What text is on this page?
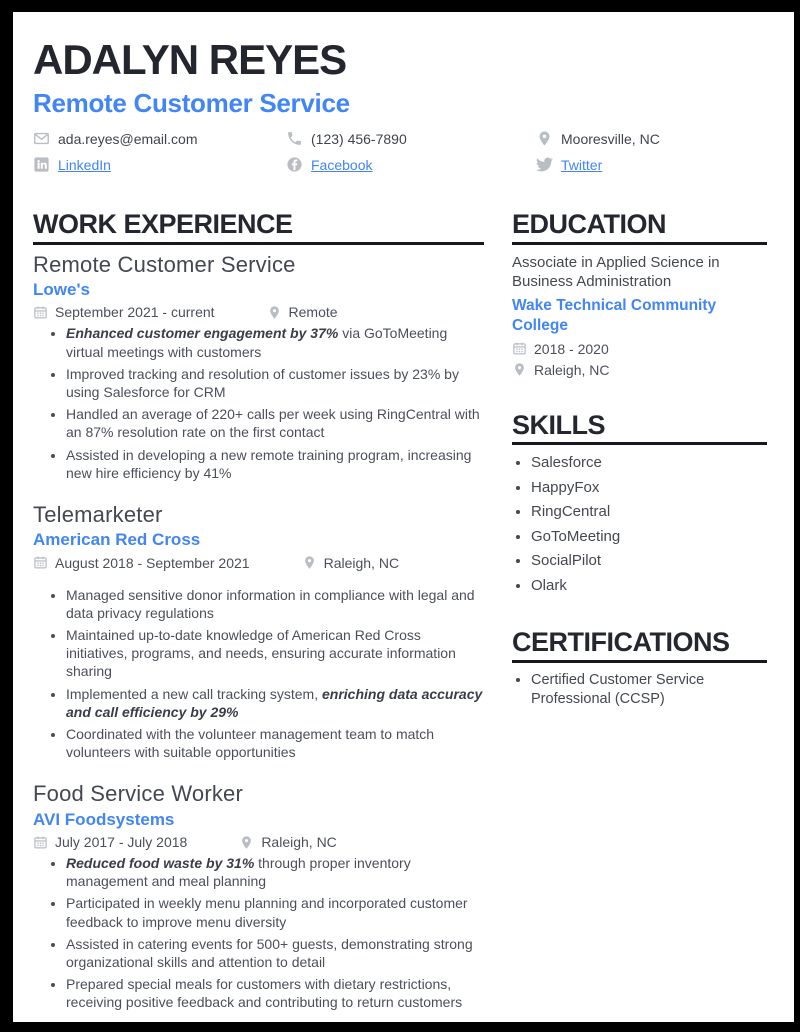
ADALYN REYES
Remote Customer Service
ada.reyes@email.com	(123) 456-7890	Mooresville, NC
LinkedIn	Facebook	Twitter
WORK EXPERIENCE
Remote Customer Service
Lowe's
September 2021 - current	Remote
• Enhanced customer engagement by 37% via GoToMeeting virtual meetings with customers
• Improved tracking and resolution of customer issues by 23% by using Salesforce for CRM
• Handled an average of 220+ calls per week using RingCentral with an 87% resolution rate on the first contact
• Assisted in developing a new remote training program, increasing new hire efficiency by 41%
Telemarketer
American Red Cross
August 2018 - September 2021	Raleigh, NC
• Managed sensitive donor information in compliance with legal and data privacy regulations
• Maintained up-to-date knowledge of American Red Cross initiatives, programs, and needs, ensuring accurate information sharing
• Implemented a new call tracking system, enriching data accuracy and call efficiency by 29%
• Coordinated with the volunteer management team to match volunteers with suitable opportunities
Food Service Worker
AVI Foodsystems
July 2017 - July 2018	Raleigh, NC
• Reduced food waste by 31% through proper inventory management and meal planning
• Participated in weekly menu planning and incorporated customer feedback to improve menu diversity
• Assisted in catering events for 500+ guests, demonstrating strong organizational skills and attention to detail
• Prepared special meals for customers with dietary restrictions, receiving positive feedback and contributing to return customers
EDUCATION
Associate in Applied Science in Business Administration
Wake Technical Community College
2018 - 2020
Raleigh, NC
SKILLS
• Salesforce
• HappyFox
• RingCentral
• GoToMeeting
• SocialPilot
• Olark
CERTIFICATIONS
• Certified Customer Service Professional (CCSP)
